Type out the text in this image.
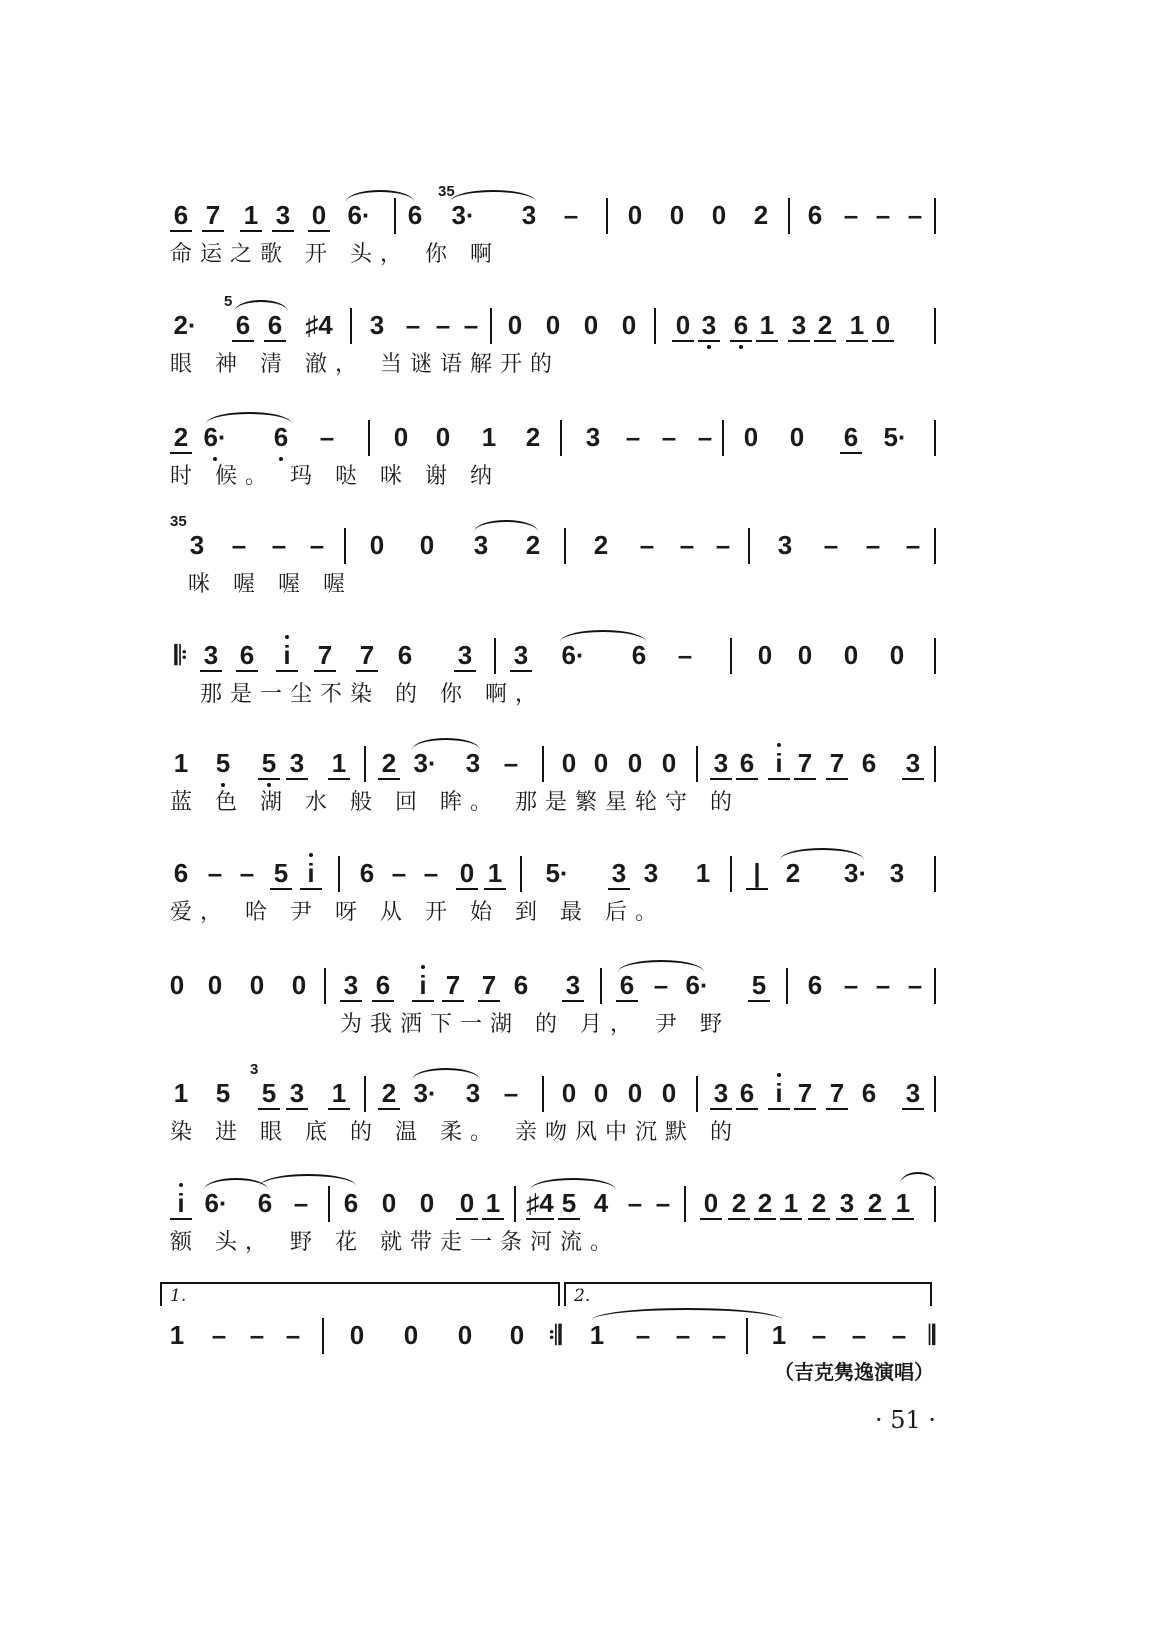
6 7 1 3 0 6· 6
35
3· 3 – 0 0 0 2 6 – – –
命运之歌 开 头， 你 啊
2·
5
6 6 ♯4 3 – – – 0 0 0 0 0 3 6 1 3 2 1 0
眼 神 清 澈， 当谜语解开的
2 6· 6 – 0 0 1 2 3 – – – 0 0 6 5·
时 候。 玛 哒 咪 谢 纳
35
3 – – – 0 0 3 2 2 – – – 3 – – –
咪 喔 喔 喔
𝄆 3 6 i 7 7 6 3 3 6· 6 –	0 0 0 0
那是一尘不染 的 你 啊，
1 5 5 3 1 2 3· 3 – 0 0 0 0 3 6 i 7 7 6 3
蓝 色 湖 水 般 回 眸。 那是繁星轮守 的
6 – – 5 i 6 – – 0 1 5· 3 3 1 | 2	3· 3
爱， 哈 尹 呀 从 开 始 到 最 后。
0 0 0 0 3 6 i 7 7 6 3 6 – 6· 5 6 – – –
为我洒下一湖 的 月， 尹 野
1 5
3
5 3 1 2 3· 3 – 0 0 0 0 3 6 i 7 7 6 3
染 进 眼 底 的 温 柔。 亲吻风中沉默 的
i 6· 6 – 6 0 0 0 1 ♯4 5 4 – – 0 2 2 1 2 3 2 1
额 头， 野 花 就带走一条河流。
1.	2.
1 – – – 0 0 0 0 𝄇	1 – – – 1 – – – 𝄂
（吉克隽逸演唱）
· 51 ·
